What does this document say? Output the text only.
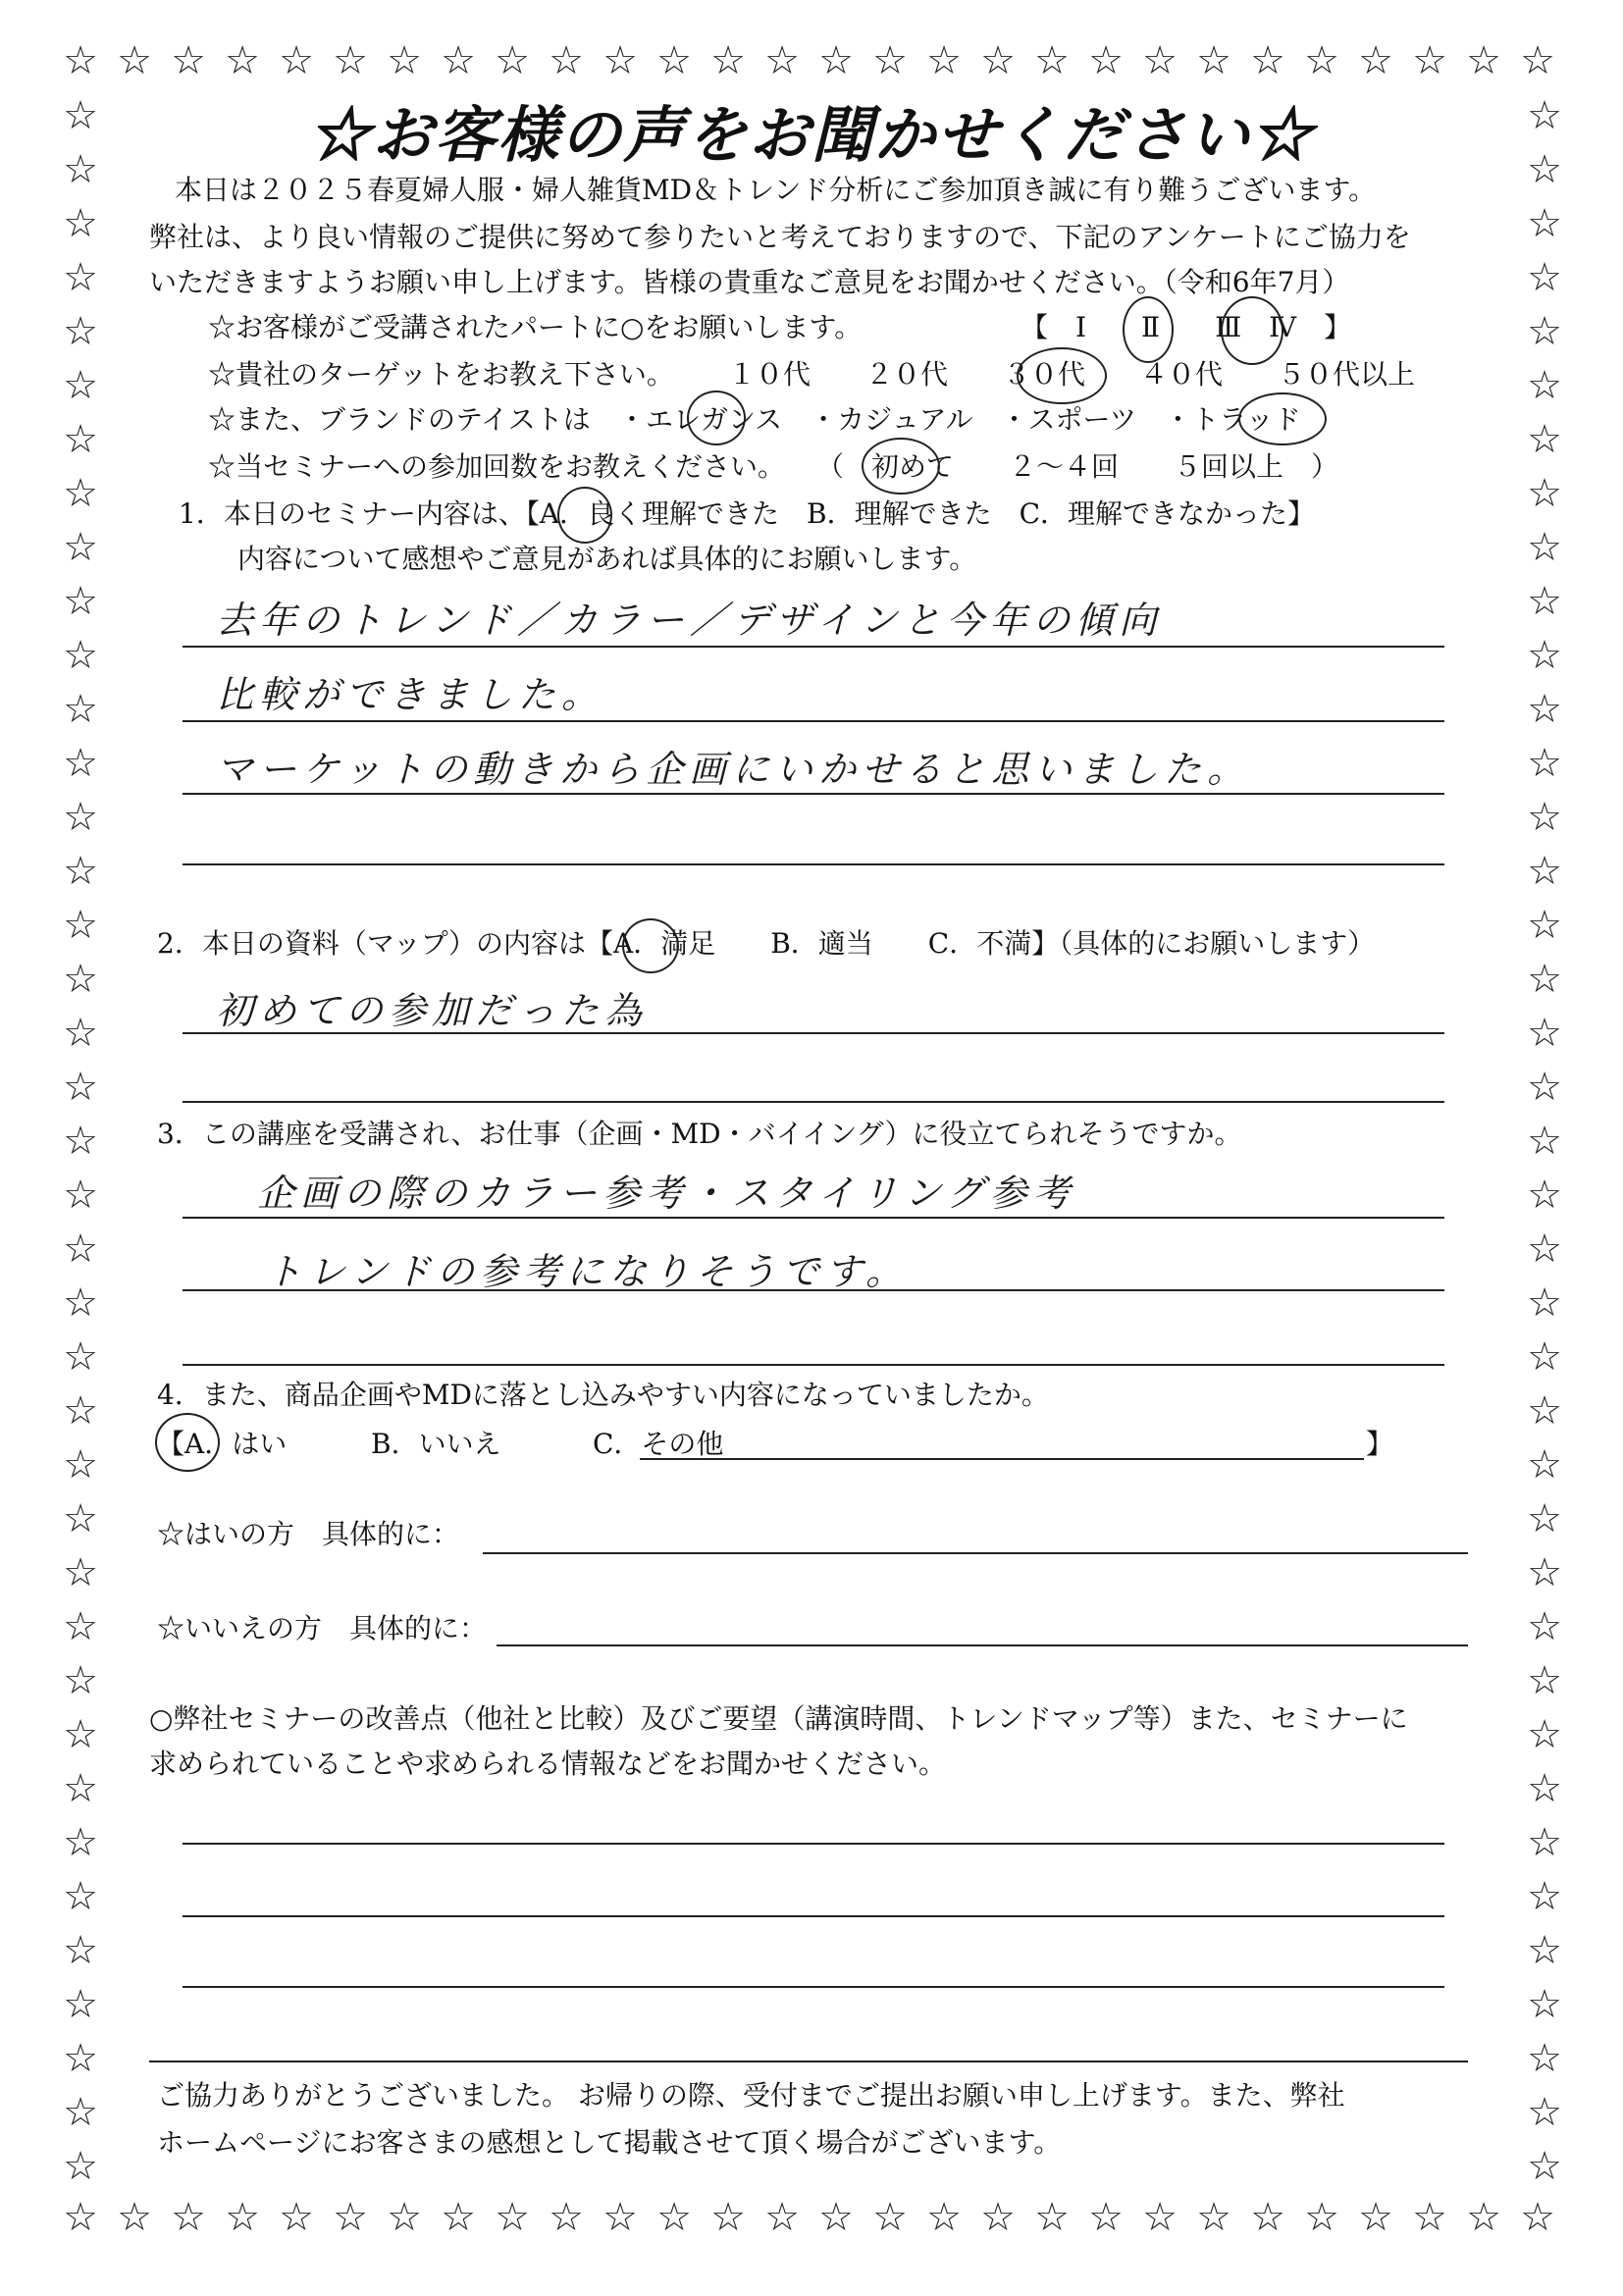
☆
☆
☆
☆
☆
☆
☆
☆
☆
☆
☆
☆
☆
☆
☆
☆
☆
☆
☆
☆
☆
☆
☆
☆
☆
☆
☆
☆
☆
☆
☆
☆
☆
☆
☆
☆
☆
☆
☆
☆
☆
☆
☆
☆
☆
☆
☆
☆
☆
☆
☆
☆
☆
☆
☆
☆
☆	☆
☆	☆
☆	☆
☆	☆
☆	☆
☆	☆
☆	☆
☆	☆
☆	☆
☆	☆
☆	☆
☆	☆
☆	☆
☆	☆
☆	☆
☆	☆
☆	☆
☆	☆
☆	☆
☆	☆
☆	☆
☆	☆
☆	☆
☆	☆
☆	☆
☆	☆
☆	☆
☆	☆
☆	☆
☆	☆
☆	☆
☆	☆
☆	☆
☆	☆
☆	☆
☆	☆
☆	☆
☆	☆
☆	☆
☆お客様の声をお聞かせください☆
本日は２０２５春夏婦人服・婦人雑貨MD＆トレンド分析にご参加頂き誠に有り難うございます。
弊社は、より良い情報のご提供に努めて参りたいと考えておりますので、下記のアンケートにご協力を
いただきますようお願い申し上げます。皆様の貴重なご意見をお聞かせください。（令和6年7月）
☆お客様がご受講されたパートに○をお願いします。	【　Ⅰ　　Ⅱ　　Ⅲ　Ⅳ　】
☆貴社のターゲットをお教え下さい。 １０代　　２０代　　３０代　　４０代　　５０代以上
☆また、ブランドのテイストは ・エレガンス　・カジュアル　・スポーツ　・トラッド
☆当セミナーへの参加回数をお教えください。 （　初めて　　２～４回　　５回以上　）
1．本日のセミナー内容は、【A．良く理解できた　B．理解できた　C．理解できなかった】
内容について感想やご意見があれば具体的にお願いします。
去年のトレンド／カラー／デザインと今年の傾向
比較ができました。
マーケットの動きから企画にいかせると思いました。
2．本日の資料（マップ）の内容は【A．満足　　B．適当　　C．不満】（具体的にお願いします）
初めての参加だった為
3．この講座を受講され、お仕事（企画・MD・バイイング）に役立てられそうですか。
企画の際のカラー参考・スタイリング参考
トレンドの参考になりそうです。
4．また、商品企画やMDに落とし込みやすい内容になっていましたか。
【A．はい	B．いいえ	C．その他	】
☆はいの方　具体的に：
☆いいえの方　具体的に：
○弊社セミナーの改善点（他社と比較）及びご要望（講演時間、トレンドマップ等）また、セミナーに
求められていることや求められる情報などをお聞かせください。
ご協力ありがとうございました。 お帰りの際、受付までご提出お願い申し上げます。また、弊社
ホームページにお客さまの感想として掲載させて頂く場合がございます。
